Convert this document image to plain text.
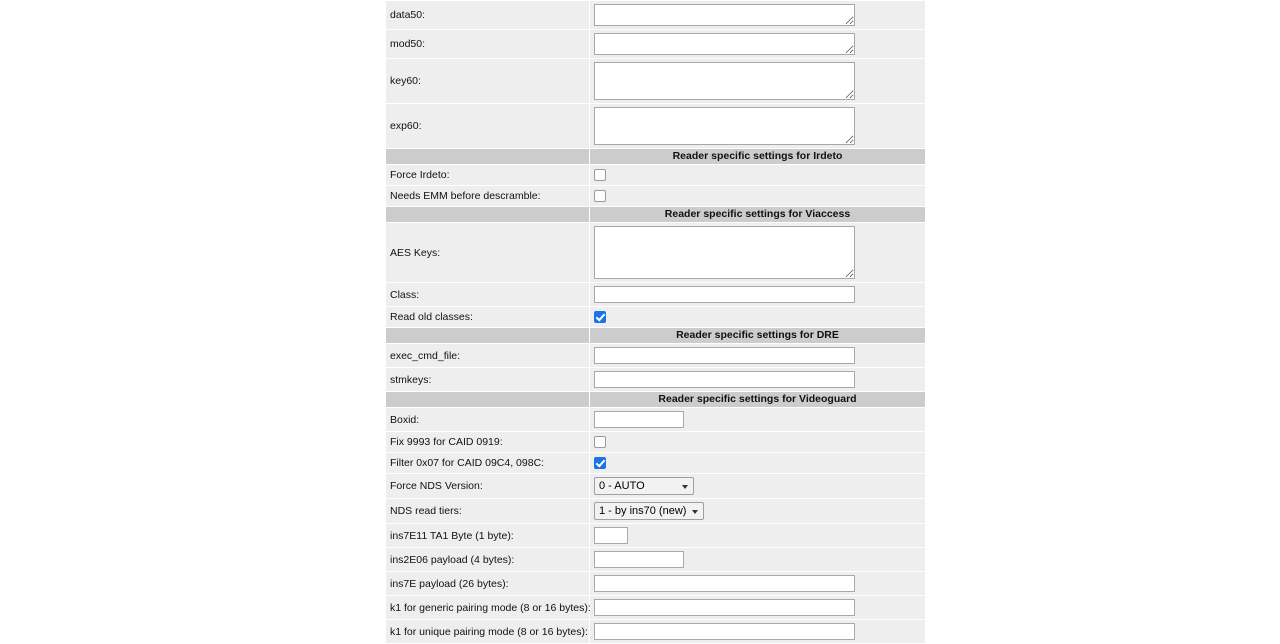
data50:	

mod50:	

key60:	

exp60:	

	Reader specific settings for Irdeto
Force Irdeto:	
Needs EMM before descramble:	
	Reader specific settings for Viaccess
AES Keys:	

Class:	

Read old classes:	
	Reader specific settings for DRE
exec_cmd_file:	

stmkeys:	

	Reader specific settings for Videoguard
Boxid:	

Fix 9993 for CAID 0919:	
Filter 0x07 for CAID 09C4, 098C:	
Force NDS Version:	0 - AUTO
NDS read tiers:	1 - by ins70 (new)
ins7E11 TA1 Byte (1 byte):	

ins2E06 payload (4 bytes):	

ins7E payload (26 bytes):	

k1 for generic pairing mode (8 or 16 bytes):	

k1 for unique pairing mode (8 or 16 bytes):	
